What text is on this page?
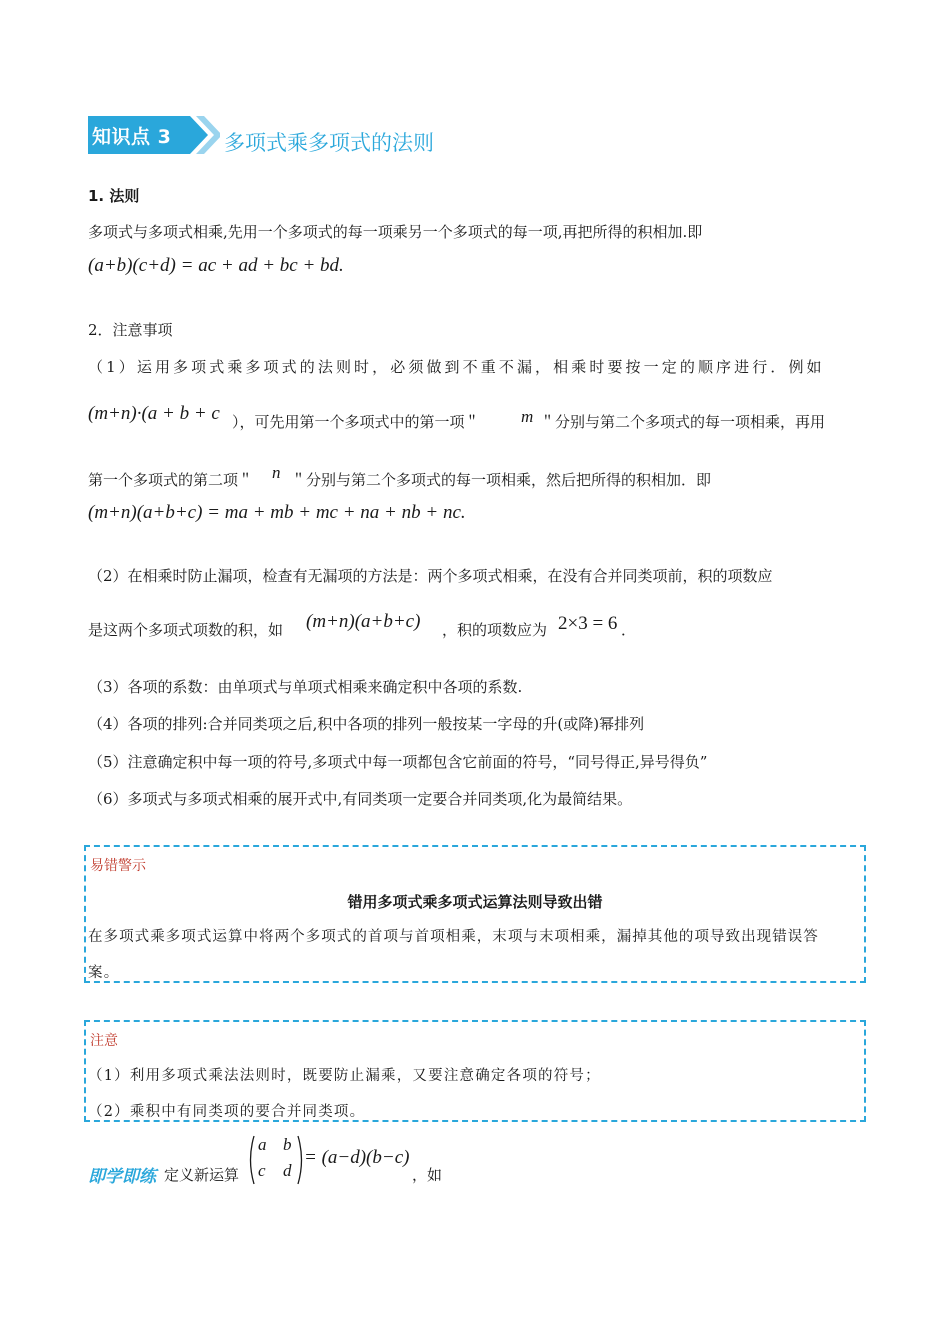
知识点 3	多项式乘多项式的法则
1. 法则
多项式与多项式相乘,先用一个多项式的每一项乘另一个多项式的每一项,再把所得的积相加.即
(a+b)(c+d) = ac + ad + bc + bd.
2．注意事项
（1）运用多项式乘多项式的法则时，必须做到不重不漏，相乘时要按一定的顺序进行．例如
(m+n)·(a + b + c ），可先用第一个多项式中的第一项＂ m ＂分别与第二个多项式的每一项相乘，再用
第一个多项式的第二项＂ n ＂分别与第二个多项式的每一项相乘，然后把所得的积相加．即
(m+n)(a+b+c) = ma + mb + mc + na + nb + nc.
（2）在相乘时防止漏项，检查有无漏项的方法是：两个多项式相乘，在没有合并同类项前，积的项数应
是这两个多项式项数的积，如 (m+n)(a+b+c) ，积的项数应为 2×3 = 6 ．
（3）各项的系数：由单项式与单项式相乘来确定积中各项的系数.
（4）各项的排列:合并同类项之后,积中各项的排列一般按某一字母的升(或降)幂排列
（5）注意确定积中每一项的符号,多项式中每一项都包含它前面的符号，“同号得正,异号得负”
（6）多项式与多项式相乘的展开式中,有同类项一定要合并同类项,化为最简结果。
易错警示
错用多项式乘多项式运算法则导致出错
在多项式乘多项式运算中将两个多项式的首项与首项相乘，末项与末项相乘，漏掉其他的项导致出现错误答
案。
注意
（1）利用多项式乘法法则时，既要防止漏乘，又要注意确定各项的符号；
（2）乘积中有同类项的要合并同类项。
即学即练 定义新运算
a b
c d
= (a−d)(b−c)
，如
